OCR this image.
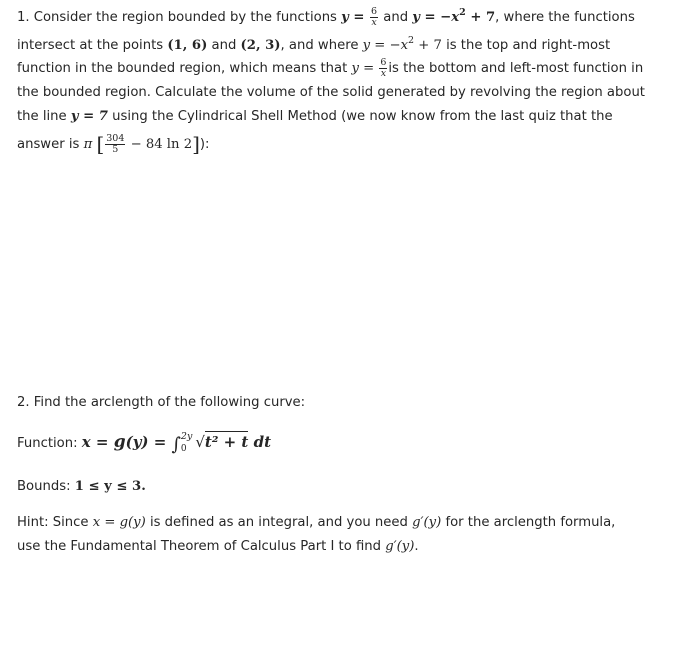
1. Consider the region bounded by the functions $y = \frac{6}{x}$ and $y = -x^2 + 7$, where the functions
intersect at the points (1, 6) and (2, 3), and where $y = -x^2 + 7$ is the top and right-most
function in the bounded region, which means that $y = \frac{6}{x}$ is the bottom and left-most function in
the bounded region. Calculate the volume of the solid generated by revolving the region about
the line y = 7 using the Cylindrical Shell Method (we now know from the last quiz that the
answer is π [ $\frac{304}{5} - 84$ ln 2]):
2. Find the arclength of the following curve:
Function: x = g(y) = ∫ 2y
0 √t² + t dt
Bounds: 1 ≤ y ≤ 3.
Hint: Since x = g(y) is defined as an integral, and you need g′(y) for the arclength formula,
use the Fundamental Theorem of Calculus Part I to find g′(y).
